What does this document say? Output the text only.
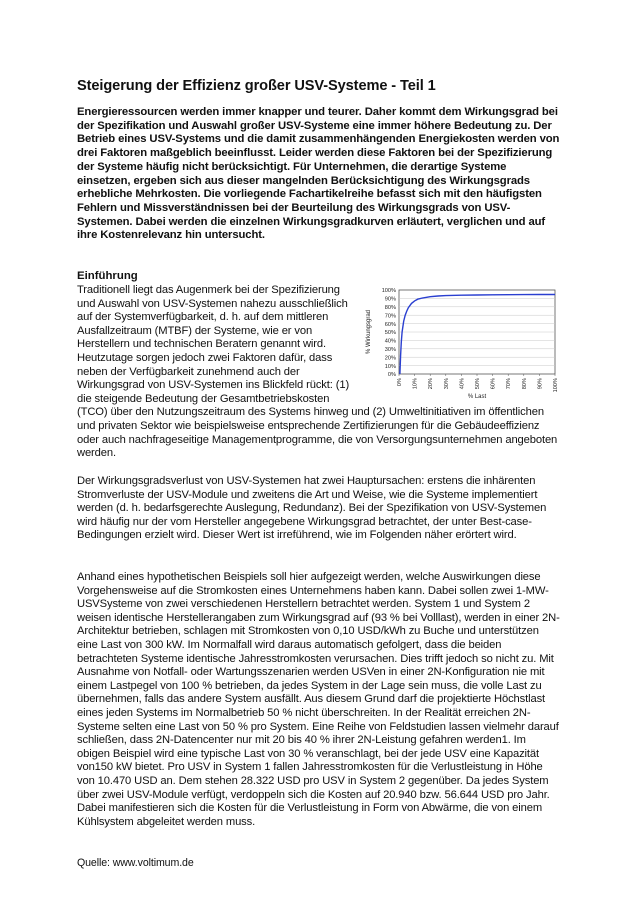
Steigerung der Effizienz großer USV-Systeme - Teil 1

Energieressourcen werden immer knapper und teurer. Daher kommt dem Wirkungsgrad bei der Spezifikation und Auswahl großer USV-Systeme eine immer höhere Bedeutung zu. Der Betrieb eines USV-Systems und die damit zusammenhängenden Energiekosten werden von drei Faktoren maßgeblich beeinflusst. Leider werden diese Faktoren bei der Spezifizierung der Systeme häufig nicht berücksichtigt. Für Unternehmen, die derartige Systeme einsetzen, ergeben sich aus dieser mangelnden Berücksichtigung des Wirkungsgrads erhebliche Mehrkosten. Die vorliegende Fachartikelreihe befasst sich mit den häufigsten Fehlern und Missverständnissen bei der Beurteilung des Wirkungsgrads von USV-Systemen. Dabei werden die einzelnen Wirkungsgradkurven erläutert, verglichen und auf ihre Kostenrelevanz hin untersucht.

Einführung

0%
10%
20%
30%
40%
50%
60%
70%
80%
90%
100%
0% 10% 20% 30% 40% 50% 60% 70% 80% 90% 100%
% Wirkungsgrad
% Last

Traditionell liegt das Augenmerk bei der Spezifizierung und Auswahl von USV-Systemen nahezu ausschließlich auf der Systemverfügbarkeit, d. h. auf dem mittleren Ausfallzeitraum (MTBF) der Systeme, wie er von Herstellern und technischen Beratern genannt wird. Heutzutage sorgen jedoch zwei Faktoren dafür, dass neben der Verfügbarkeit zunehmend auch der Wirkungsgrad von USV-Systemen ins Blickfeld rückt: (1) die steigende Bedeutung der Gesamtbetriebskosten (TCO) über den Nutzungszeitraum des Systems hinweg und (2) Umweltinitiativen im öffentlichen und privaten Sektor wie beispielsweise entsprechende Zertifizierungen für die Gebäudeeffizienz oder auch nachfrageseitige Managementprogramme, die von Versorgungsunternehmen angeboten werden.

Der Wirkungsgradsverlust von USV-Systemen hat zwei Hauptursachen: erstens die inhärenten Stromverluste der USV-Module und zweitens die Art und Weise, wie die Systeme implementiert werden (d. h. bedarfsgerechte Auslegung, Redundanz). Bei der Spezifikation von USV-Systemen wird häufig nur der vom Hersteller angegebene Wirkungsgrad betrachtet, der unter Best-case-Bedingungen erzielt wird. Dieser Wert ist irreführend, wie im Folgenden näher erörtert wird.

Anhand eines hypothetischen Beispiels soll hier aufgezeigt werden, welche Auswirkungen diese Vorgehensweise auf die Stromkosten eines Unternehmens haben kann. Dabei sollen zwei 1-MW-USVSysteme von zwei verschiedenen Herstellern betrachtet werden. System 1 und System 2 weisen identische Herstellerangaben zum Wirkungsgrad auf (93 % bei Volllast), werden in einer 2N-Architektur betrieben, schlagen mit Stromkosten von 0,10 USD/kWh zu Buche und unterstützen eine Last von 300 kW. Im Normalfall wird daraus automatisch gefolgert, dass die beiden betrachteten Systeme identische Jahresstromkosten verursachen. Dies trifft jedoch so nicht zu. Mit Ausnahme von Notfall- oder Wartungsszenarien werden USVen in einer 2N-Konfiguration nie mit einem Lastpegel von 100 % betrieben, da jedes System in der Lage sein muss, die volle Last zu übernehmen, falls das andere System ausfällt. Aus diesem Grund darf die projektierte Höchstlast eines jeden Systems im Normalbetrieb 50 % nicht überschreiten. In der Realität erreichen 2N-Systeme selten eine Last von 50 % pro System. Eine Reihe von Feldstudien lassen vielmehr darauf schließen, dass 2N-Datencenter nur mit 20 bis 40 % ihrer 2N-Leistung gefahren werden1. Im obigen Beispiel wird eine typische Last von 30 % veranschlagt, bei der jede USV eine Kapazität von150 kW bietet. Pro USV in System 1 fallen Jahresstromkosten für die Verlustleistung in Höhe von 10.470 USD an. Dem stehen 28.322 USD pro USV in System 2 gegenüber. Da jedes System über zwei USV-Module verfügt, verdoppeln sich die Kosten auf 20.940 bzw. 56.644 USD pro Jahr. Dabei manifestieren sich die Kosten für die Verlustleistung in Form von Abwärme, die von einem Kühlsystem abgeleitet werden muss.

Quelle: www.voltimum.de
